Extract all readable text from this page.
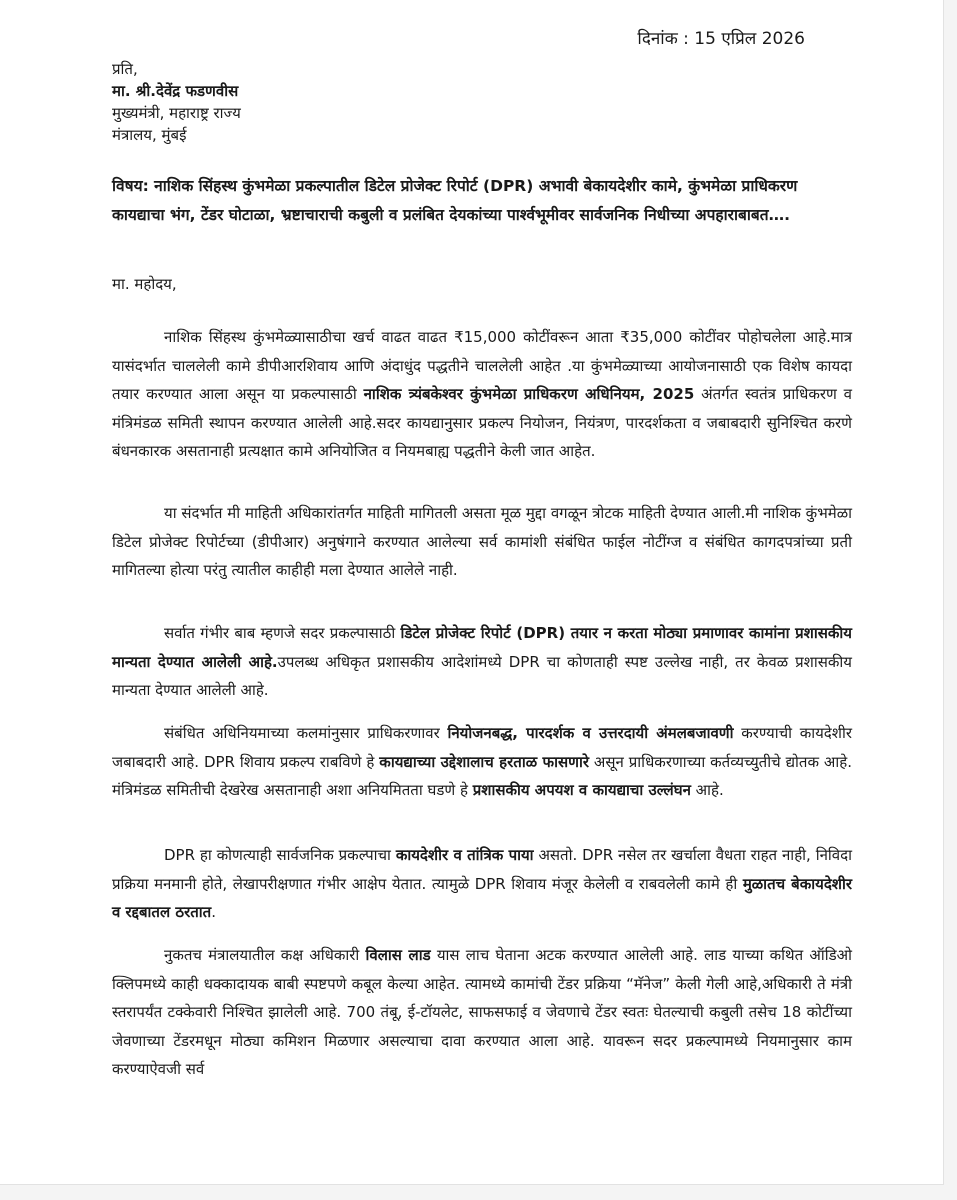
दिनांक : 15 एप्रिल 2026
प्रति,
मा. श्री.देवेंद्र फडणवीस
मुख्यमंत्री, महाराष्ट्र राज्य
मंत्रालय, मुंबई
विषय: नाशिक सिंहस्थ कुंभमेळा प्रकल्पातील डिटेल प्रोजेक्ट रिपोर्ट (DPR) अभावी बेकायदेशीर कामे, कुंभमेळा प्राधिकरण कायद्याचा भंग, टेंडर घोटाळा, भ्रष्टाचाराची कबुली व प्रलंबित देयकांच्या पार्श्वभूमीवर सार्वजनिक निधीच्या अपहाराबाबत….
मा. महोदय,

नाशिक सिंहस्थ कुंभमेळ्यासाठीचा खर्च वाढत वाढत ₹15,000 कोटींवरून आता ₹35,000 कोटींवर पोहोचलेला आहे.मात्र यासंदर्भात चाललेली कामे डीपीआरशिवाय आणि अंदाधुंद पद्धतीने चाललेली आहेत .या कुंभमेळ्याच्या आयोजनासाठी एक विशेष कायदा तयार करण्यात आला असून या प्रकल्पासाठी नाशिक त्र्यंबकेश्वर कुंभमेळा प्राधिकरण अधिनियम, 2025 अंतर्गत स्वतंत्र प्राधिकरण व मंत्रिमंडळ समिती स्थापन करण्यात आलेली आहे.सदर कायद्यानुसार प्रकल्प नियोजन, नियंत्रण, पारदर्शकता व जबाबदारी सुनिश्चित करणे बंधनकारक असतानाही प्रत्यक्षात कामे अनियोजित व नियमबाह्य पद्धतीने केली जात आहेत.

या संदर्भात मी माहिती अधिकारांतर्गत माहिती मागितली असता मूळ मुद्दा वगळून त्रोटक माहिती देण्यात आली.मी नाशिक कुंभमेळा डिटेल प्रोजेक्ट रिपोर्टच्या (डीपीआर) अनुषंगाने करण्यात आलेल्या सर्व कामांशी संबंधित फाईल नोटींग्ज व संबंधित कागदपत्रांच्या प्रती मागितल्या होत्या परंतु त्यातील काहीही मला देण्यात आलेले नाही.

सर्वात गंभीर बाब म्हणजे सदर प्रकल्पासाठी डिटेल प्रोजेक्ट रिपोर्ट (DPR) तयार न करता मोठ्या प्रमाणावर कामांना प्रशासकीय मान्यता देण्यात आलेली आहे.उपलब्ध अधिकृत प्रशासकीय आदेशांमध्ये DPR चा कोणताही स्पष्ट उल्लेख नाही, तर केवळ प्रशासकीय मान्यता देण्यात आलेली आहे.

संबंधित अधिनियमाच्या कलमांनुसार प्राधिकरणावर नियोजनबद्ध, पारदर्शक व उत्तरदायी अंमलबजावणी करण्याची कायदेशीर जबाबदारी आहे. DPR शिवाय प्रकल्प राबविणे हे कायद्याच्या उद्देशालाच हरताळ फासणारे असून प्राधिकरणाच्या कर्तव्यच्युतीचे द्योतक आहे. मंत्रिमंडळ समितीची देखरेख असतानाही अशा अनियमितता घडणे हे प्रशासकीय अपयश व कायद्याचा उल्लंघन आहे.

DPR हा कोणत्याही सार्वजनिक प्रकल्पाचा कायदेशीर व तांत्रिक पाया असतो. DPR नसेल तर खर्चाला वैधता राहत नाही, निविदा प्रक्रिया मनमानी होते, लेखापरीक्षणात गंभीर आक्षेप येतात. त्यामुळे DPR शिवाय मंजूर केलेली व राबवलेली कामे ही मुळातच बेकायदेशीर व रद्दबातल ठरतात.

नुकतच मंत्रालयातील कक्ष अधिकारी विलास लाड यास लाच घेताना अटक करण्यात आलेली आहे. लाड याच्या कथित ऑडिओ क्लिपमध्ये काही धक्कादायक बाबी स्पष्टपणे कबूल केल्या आहेत. त्यामध्ये कामांची टेंडर प्रक्रिया “मॅनेज” केली गेली आहे,अधिकारी ते मंत्री स्तरापर्यंत टक्केवारी निश्चित झालेली आहे. 700 तंबू, ई-टॉयलेट, साफसफाई व जेवणाचे टेंडर स्वतः घेतल्याची कबुली तसेच 18 कोटींच्या जेवणाच्या टेंडरमधून मोठ्या कमिशन मिळणार असल्याचा दावा करण्यात आला आहे. यावरून सदर प्रकल्पामध्ये नियमानुसार काम करण्याऐवजी सर्व
